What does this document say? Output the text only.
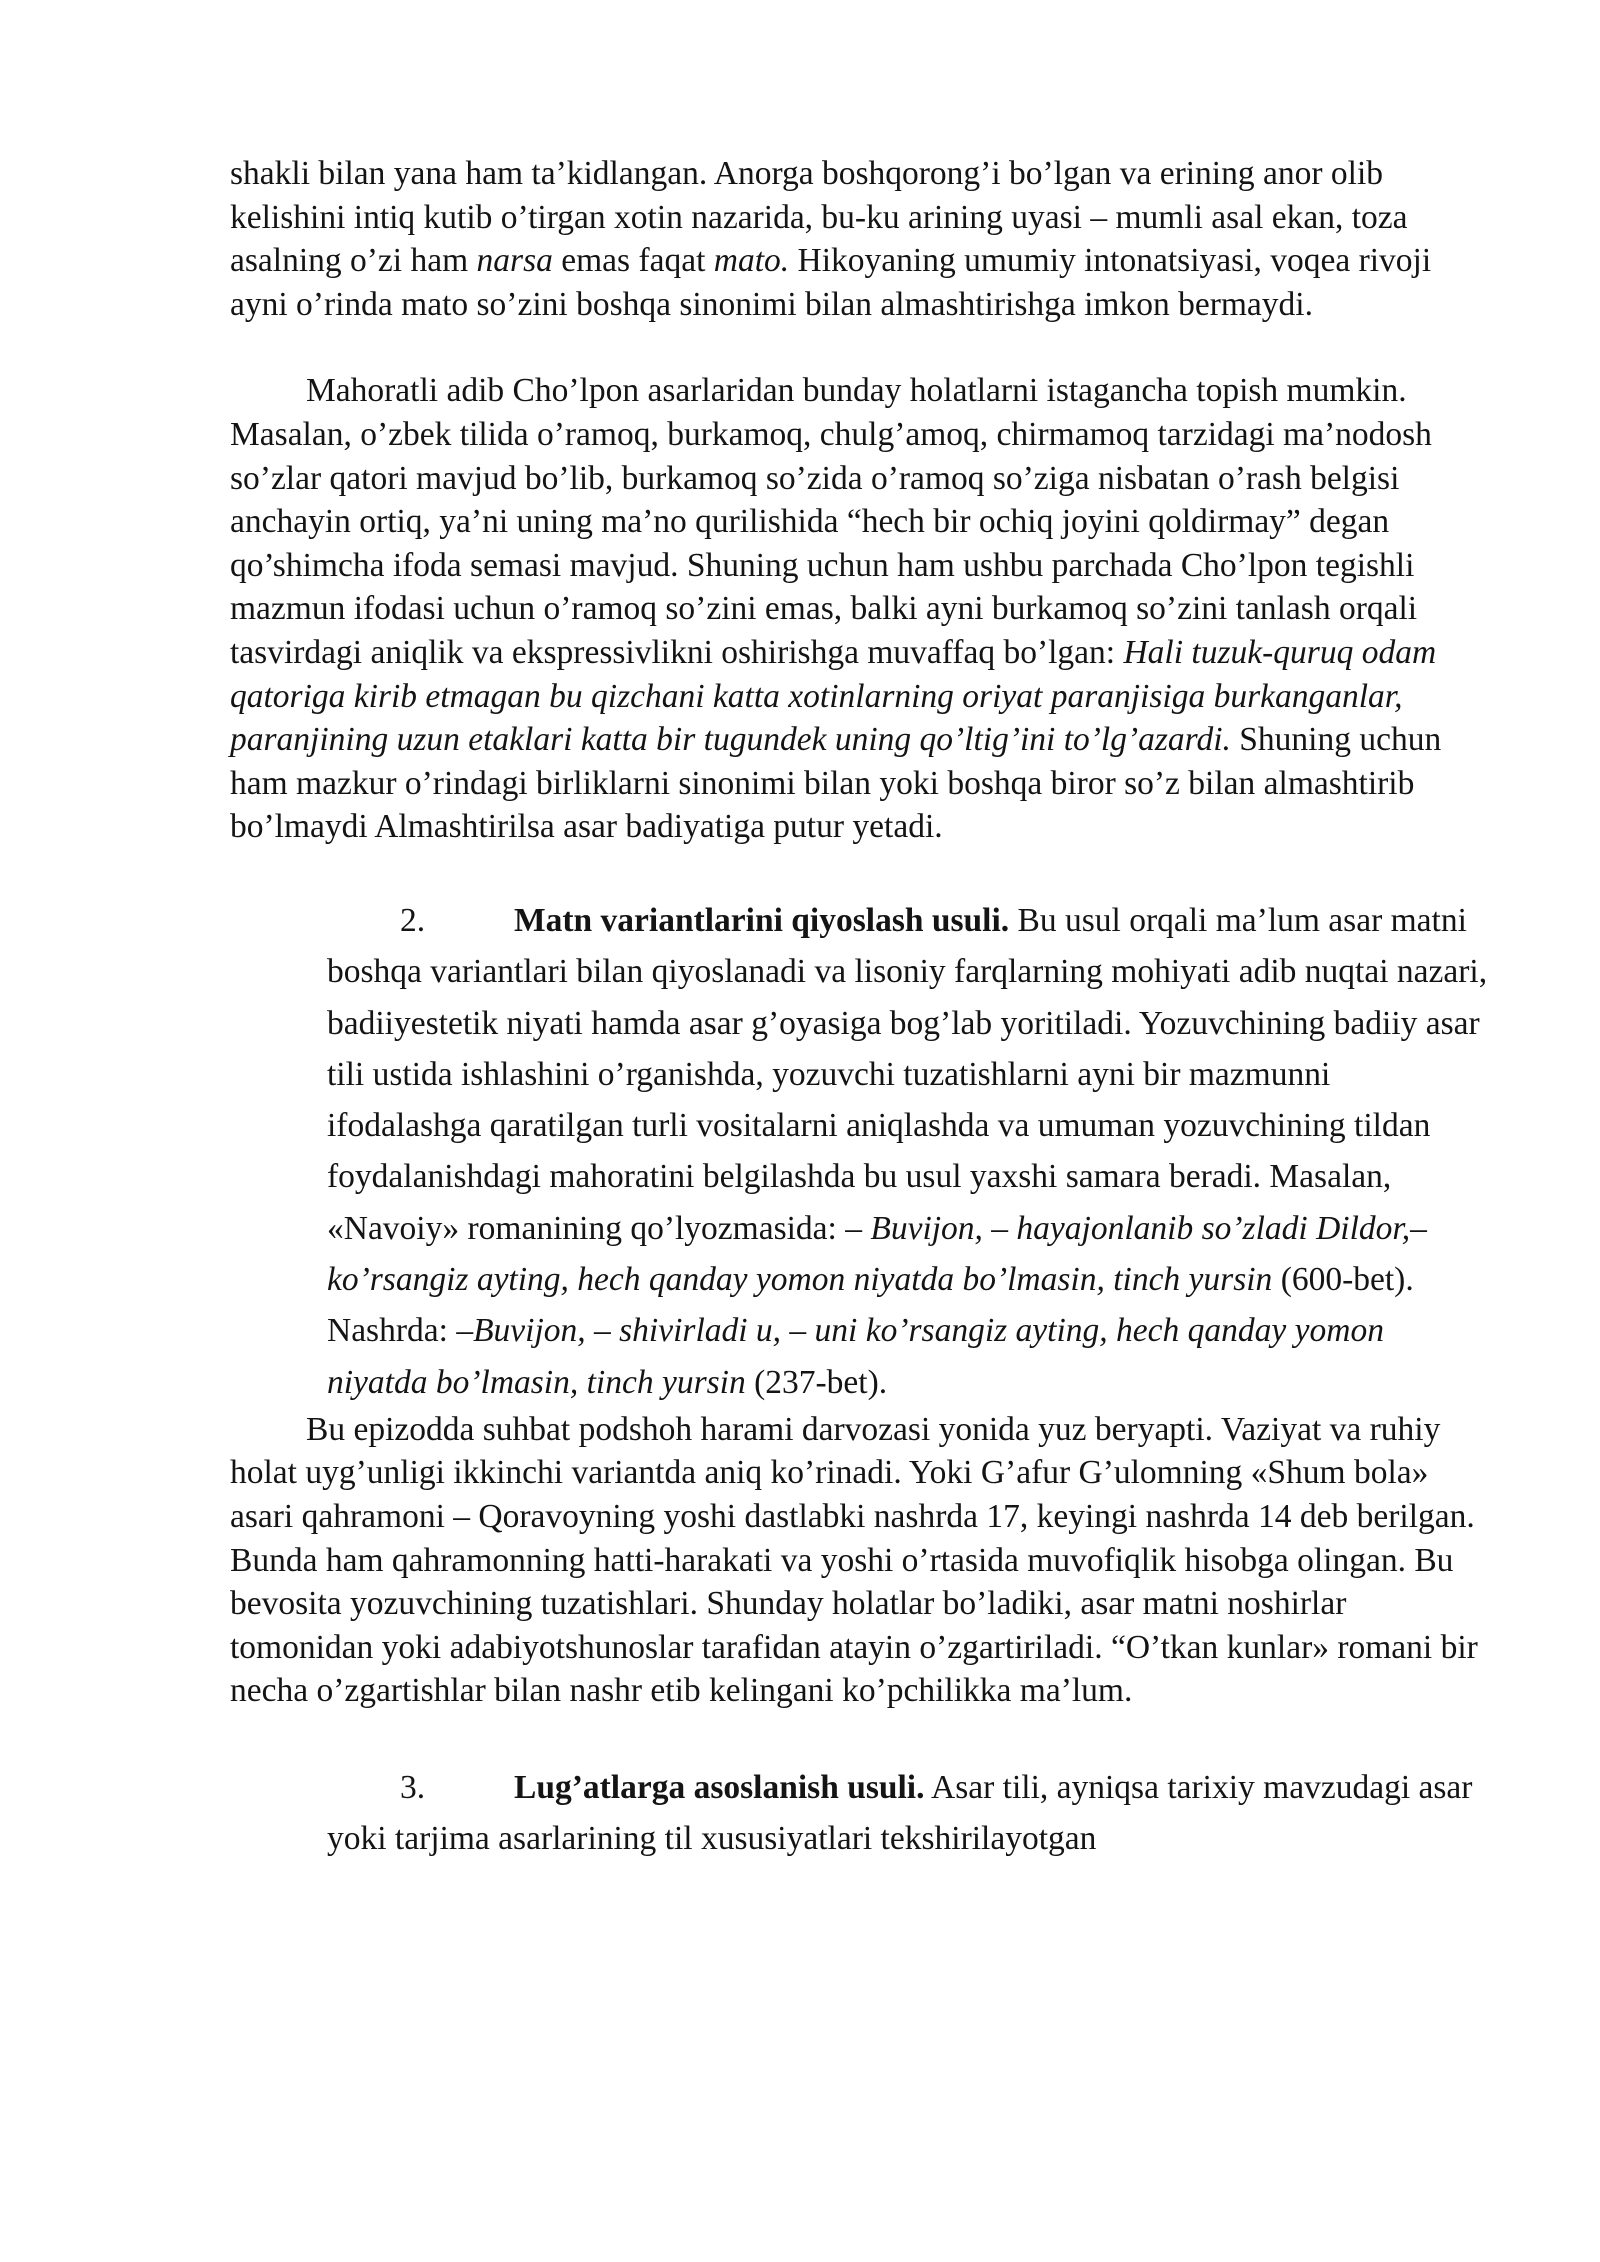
shakli bilan yana ham ta’kidlangan. Anorga boshqorong’i bo’lgan va erining anor olib kelishini intiq kutib o’tirgan xotin nazarida, bu-ku arining uyasi – mumli asal ekan, toza asalning o’zi ham narsa emas faqat mato. Hikoyaning umumiy intonatsiyasi, voqea rivoji ayni o’rinda mato so’zini boshqa sinonimi bilan almashtirishga imkon bermaydi.

Mahoratli adib Cho’lpon asarlaridan bunday holatlarni istagancha topish mumkin. Masalan, o’zbek tilida o’ramoq, burkamoq, chulg’amoq, chirmamoq tarzidagi ma’nodosh so’zlar qatori mavjud bo’lib, burkamoq so’zida o’ramoq so’ziga nisbatan o’rash belgisi anchayin ortiq, ya’ni uning ma’no qurilishida “hech bir ochiq joyini qoldirmay” degan qo’shimcha ifoda semasi mavjud. Shuning uchun ham ushbu parchada Cho’lpon tegishli mazmun ifodasi uchun o’ramoq so’zini emas, balki ayni burkamoq so’zini tanlash orqali tasvirdagi aniqlik va ekspressivlikni oshirishga muvaffaq bo’lgan: Hali tuzuk-quruq odam qatoriga kirib etmagan bu qizchani katta xotinlarning oriyat paranjisiga burkanganlar, paranjining uzun etaklari katta bir tugundek uning qo’ltig’ini to’lg’azardi. Shuning uchun ham mazkur o’rindagi birliklarni sinonimi bilan yoki boshqa biror so’z bilan almashtirib bo’lmaydi Almashtirilsa asar badiyatiga putur yetadi.

2.	Matn variantlarini qiyoslash usuli. Bu usul orqali ma’lum asar matni boshqa variantlari bilan qiyoslanadi va lisoniy farqlarning mohiyati adib nuqtai nazari, badiiyestetik niyati hamda asar g’oyasiga bog’lab yoritiladi. Yozuvchining badiiy asar tili ustida ishlashini o’rganishda, yozuvchi tuzatishlarni ayni bir mazmunni ifodalashga qaratilgan turli vositalarni aniqlashda va umuman yozuvchining tildan foydalanishdagi mahoratini belgilashda bu usul yaxshi samara beradi. Masalan, «Navoiy» romanining qo’lyozmasida: – Buvijon, – hayajonlanib so’zladi Dildor,– ko’rsangiz ayting, hech qanday yomon niyatda bo’lmasin, tinch yursin (600-bet). Nashrda: –Buvijon, – shivirladi u, – uni ko’rsangiz ayting, hech qanday yomon niyatda bo’lmasin, tinch yursin (237-bet).

Bu epizodda suhbat podshoh harami darvozasi yonida yuz beryapti. Vaziyat va ruhiy holat uyg’unligi ikkinchi variantda aniq ko’rinadi. Yoki G’afur G’ulomning «Shum bola» asari qahramoni – Qoravoyning yoshi dastlabki nashrda 17, keyingi nashrda 14 deb berilgan. Bunda ham qahramonning hatti-harakati va yoshi o’rtasida muvofiqlik hisobga olingan. Bu bevosita yozuvchining tuzatishlari. Shunday holatlar bo’ladiki, asar matni noshirlar tomonidan yoki adabiyotshunoslar tarafidan atayin o’zgartiriladi. “O’tkan kunlar» romani bir necha o’zgartishlar bilan nashr etib kelingani ko’pchilikka ma’lum.

3.	Lug’atlarga asoslanish usuli. Asar tili, ayniqsa tarixiy mavzudagi asar yoki tarjima asarlarining til xususiyatlari tekshirilayotgan
